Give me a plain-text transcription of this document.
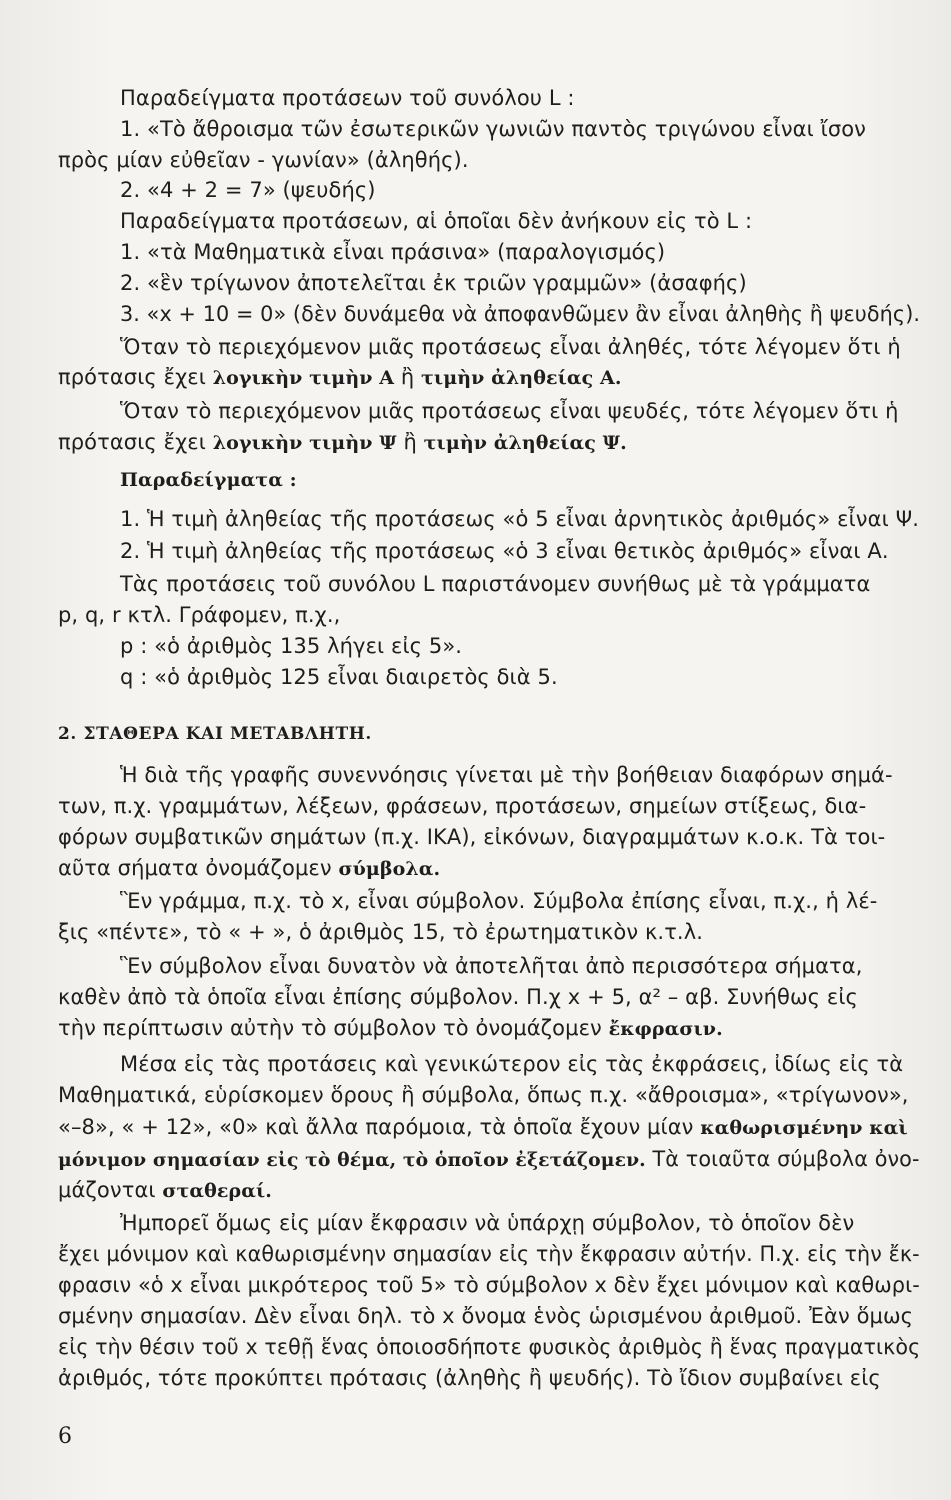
Παραδείγματα προτάσεων τοῦ συνόλου L :
1. «Τὸ ἄθροισμα τῶν ἐσωτερικῶν γωνιῶν παντὸς τριγώνου εἶναι ἴσον
πρὸς μίαν εὐθεῖαν - γωνίαν» (ἀληθής).
2. «4 + 2 = 7» (ψευδής)
Παραδείγματα προτάσεων, αἱ ὁποῖαι δὲν ἀνήκουν εἰς τὸ L :
1. «τὰ Μαθηματικὰ εἶναι πράσινα» (παραλογισμός)
2. «ἓν τρίγωνον ἀποτελεῖται ἐκ τριῶν γραμμῶν» (ἀσαφής)
3. «x + 10 = 0» (δὲν δυνάμεθα νὰ ἀποφανθῶμεν ἂν εἶναι ἀληθὴς ἢ ψευδής).
Ὅταν τὸ περιεχόμενον μιᾶς προτάσεως εἶναι ἀληθές, τότε λέγομεν ὅτι ἡ
πρότασις ἔχει λογικὴν τιμὴν Α ἢ τιμὴν ἀληθείας Α.
Ὅταν τὸ περιεχόμενον μιᾶς προτάσεως εἶναι ψευδές, τότε λέγομεν ὅτι ἡ
πρότασις ἔχει λογικὴν τιμὴν Ψ ἢ τιμὴν ἀληθείας Ψ.
Παραδείγματα :
1. Ἡ τιμὴ ἀληθείας τῆς προτάσεως «ὁ 5 εἶναι ἀρνητικὸς ἀριθμός» εἶναι Ψ.
2. Ἡ τιμὴ ἀληθείας τῆς προτάσεως «ὁ 3 εἶναι θετικὸς ἀριθμός» εἶναι Α.
Τὰς προτάσεις τοῦ συνόλου L παριστάνομεν συνήθως μὲ τὰ γράμματα
p, q, r κτλ. Γράφομεν, π.χ.,
p : «ὁ ἀριθμὸς 135 λήγει εἰς 5».
q : «ὁ ἀριθμὸς 125 εἶναι διαιρετὸς διὰ 5.
2. ΣΤΑΘΕΡΑ ΚΑΙ ΜΕΤΑΒΛΗΤΗ.
Ἡ διὰ τῆς γραφῆς συνεννόησις γίνεται μὲ τὴν βοήθειαν διαφόρων σημά-
των, π.χ. γραμμάτων, λέξεων, φράσεων, προτάσεων, σημείων στίξεως, δια-
φόρων συμβατικῶν σημάτων (π.χ. ΙΚΑ), εἰκόνων, διαγραμμάτων κ.ο.κ. Τὰ τοι-
αῦτα σήματα ὀνομάζομεν σύμβολα.
Ἓν γράμμα, π.χ. τὸ x, εἶναι σύμβολον. Σύμβολα ἐπίσης εἶναι, π.χ., ἡ λέ-
ξις «πέντε», τὸ « + », ὁ ἀριθμὸς 15, τὸ ἐρωτηματικὸν κ.τ.λ.
Ἓν σύμβολον εἶναι δυνατὸν νὰ ἀποτελῆται ἀπὸ περισσότερα σήματα,
καθὲν ἀπὸ τὰ ὁποῖα εἶναι ἐπίσης σύμβολον. Π.χ x + 5, α² – αβ. Συνήθως εἰς
τὴν περίπτωσιν αὐτὴν τὸ σύμβολον τὸ ὀνομάζομεν ἔκφρασιν.
Μέσα εἰς τὰς προτάσεις καὶ γενικώτερον εἰς τὰς ἐκφράσεις, ἰδίως εἰς τὰ
Μαθηματικά, εὑρίσκομεν ὅρους ἢ σύμβολα, ὅπως π.χ. «ἄθροισμα», «τρίγωνον»,
«–8», « + 12», «0» καὶ ἄλλα παρόμοια, τὰ ὁποῖα ἔχουν μίαν καθωρισμένην καὶ
μόνιμον σημασίαν εἰς τὸ θέμα, τὸ ὁποῖον ἐξετάζομεν. Τὰ τοιαῦτα σύμβολα ὀνο-
μάζονται σταθεραί.
Ἠμπορεῖ ὅμως εἰς μίαν ἔκφρασιν νὰ ὑπάρχῃ σύμβολον, τὸ ὁποῖον δὲν
ἔχει μόνιμον καὶ καθωρισμένην σημασίαν εἰς τὴν ἔκφρασιν αὐτήν. Π.χ. εἰς τὴν ἔκ-
φρασιν «ὁ x εἶναι μικρότερος τοῦ 5» τὸ σύμβολον x δὲν ἔχει μόνιμον καὶ καθωρι-
σμένην σημασίαν. Δὲν εἶναι δηλ. τὸ x ὄνομα ἑνὸς ὡρισμένου ἀριθμοῦ. Ἐὰν ὅμως
εἰς τὴν θέσιν τοῦ x τεθῇ ἕνας ὁποιοσδήποτε φυσικὸς ἀριθμὸς ἢ ἕνας πραγματικὸς
ἀριθμός, τότε προκύπτει πρότασις (ἀληθὴς ἢ ψευδής). Τὸ ἴδιον συμβαίνει εἰς
6
